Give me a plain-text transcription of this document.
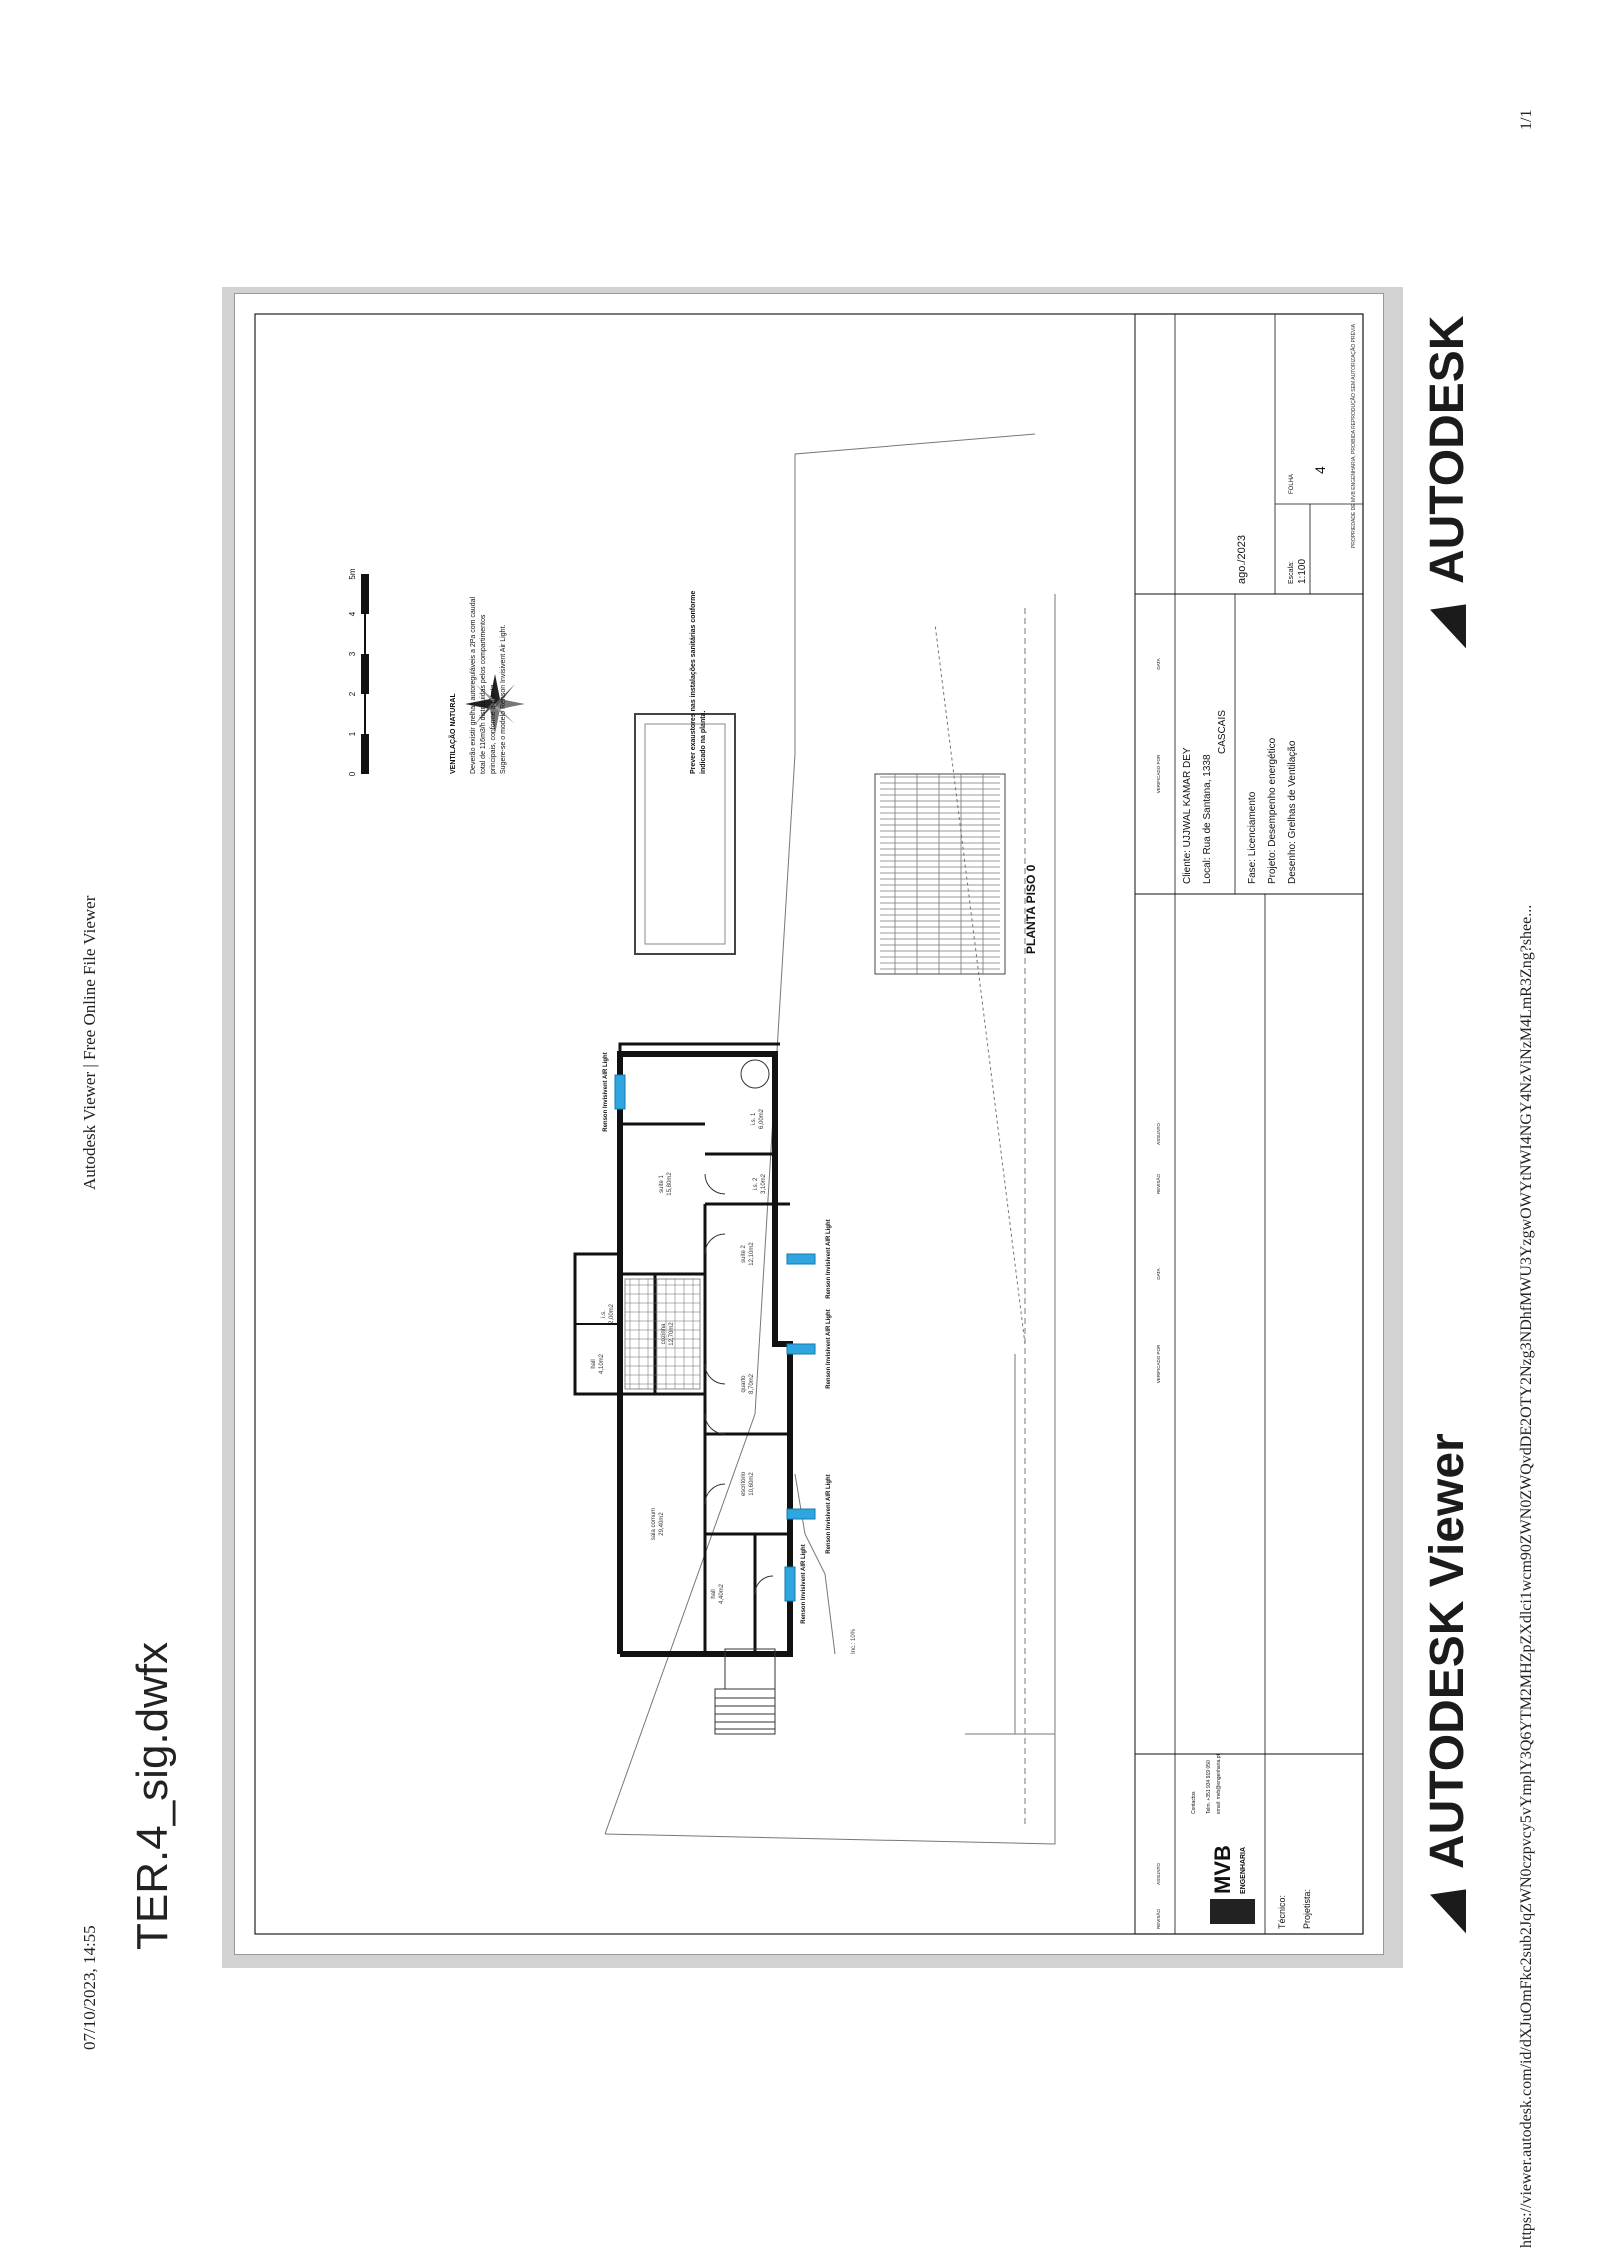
07/10/2023, 14:55
Autodesk Viewer | Free Online File Viewer	https://viewer.autodesk.com/id/dXJuOmFkc2sub2JqZWN0czpvcy5vYmplY3Q6YTM2MHZpZXdlci1wcm90ZWN0ZWQvdDE2OTY2Nzg3NDhfMWU3YzgwOWYtNWI4NGY4NzViNzM4LmR3Zng?shee...
1/1
TER.4_sig.dwfx	AUTODESK Viewer
AUTODESK
suite 1 15,80m2
i.s. 1 6,00m2
i.s. 2 3,10m2
cozinha 12,70m2
suite 2 12,10m2
quarto 8,70m2
hall 4,10m2
sala comum 29,40m2
escritório 10,60m2
hall 4,40m2
i.s. 2,00m2
Renson Invisivent AIR Light
Renson Invisivent AIR Light
Renson Invisivent AIR Light
Renson Invisivent AIR Light
Renson Invisivent AIR Light
Inc.: 10%
PLANTA PISO 0
0
1
2
3
4
5m
VENTILAÇÃO NATURAL Deverão existir grelhas autoreguláveis a 2Pa com caudal total de 116m3/h distribuidas pelos compartimentos principais, conforme a planta. Sugere-se o modelo Renson Invisivent Air Light.	Prever exaustores nas instalações sanitárias conforme indicado na planta.
PROPRIEDADE DE MVB ENGENHARIA, PROIBIDA REPRODUÇÃO SEM AUTORIZAÇÃO PRÉVIA
REVISÃO
ASSUNTO
VERIFICADO POR
DATA
REVISÃO
ASSUNTO
VERIFICADO POR
DATA
MVB ENGENHARIA
Contactos Telm. +351 934 919 050 email: mvb@engenharia.pt
Técnico: Projetista:
Cliente: UJJWAL KAMAR DEY Local: Rua de Santana, 1338
CASCAIS
Fase: Licenciamento Projeto: Desempenho energético Desenho: Grelhas de Ventilação
ago./2023	Escala: 1:100
FOLHA
4
